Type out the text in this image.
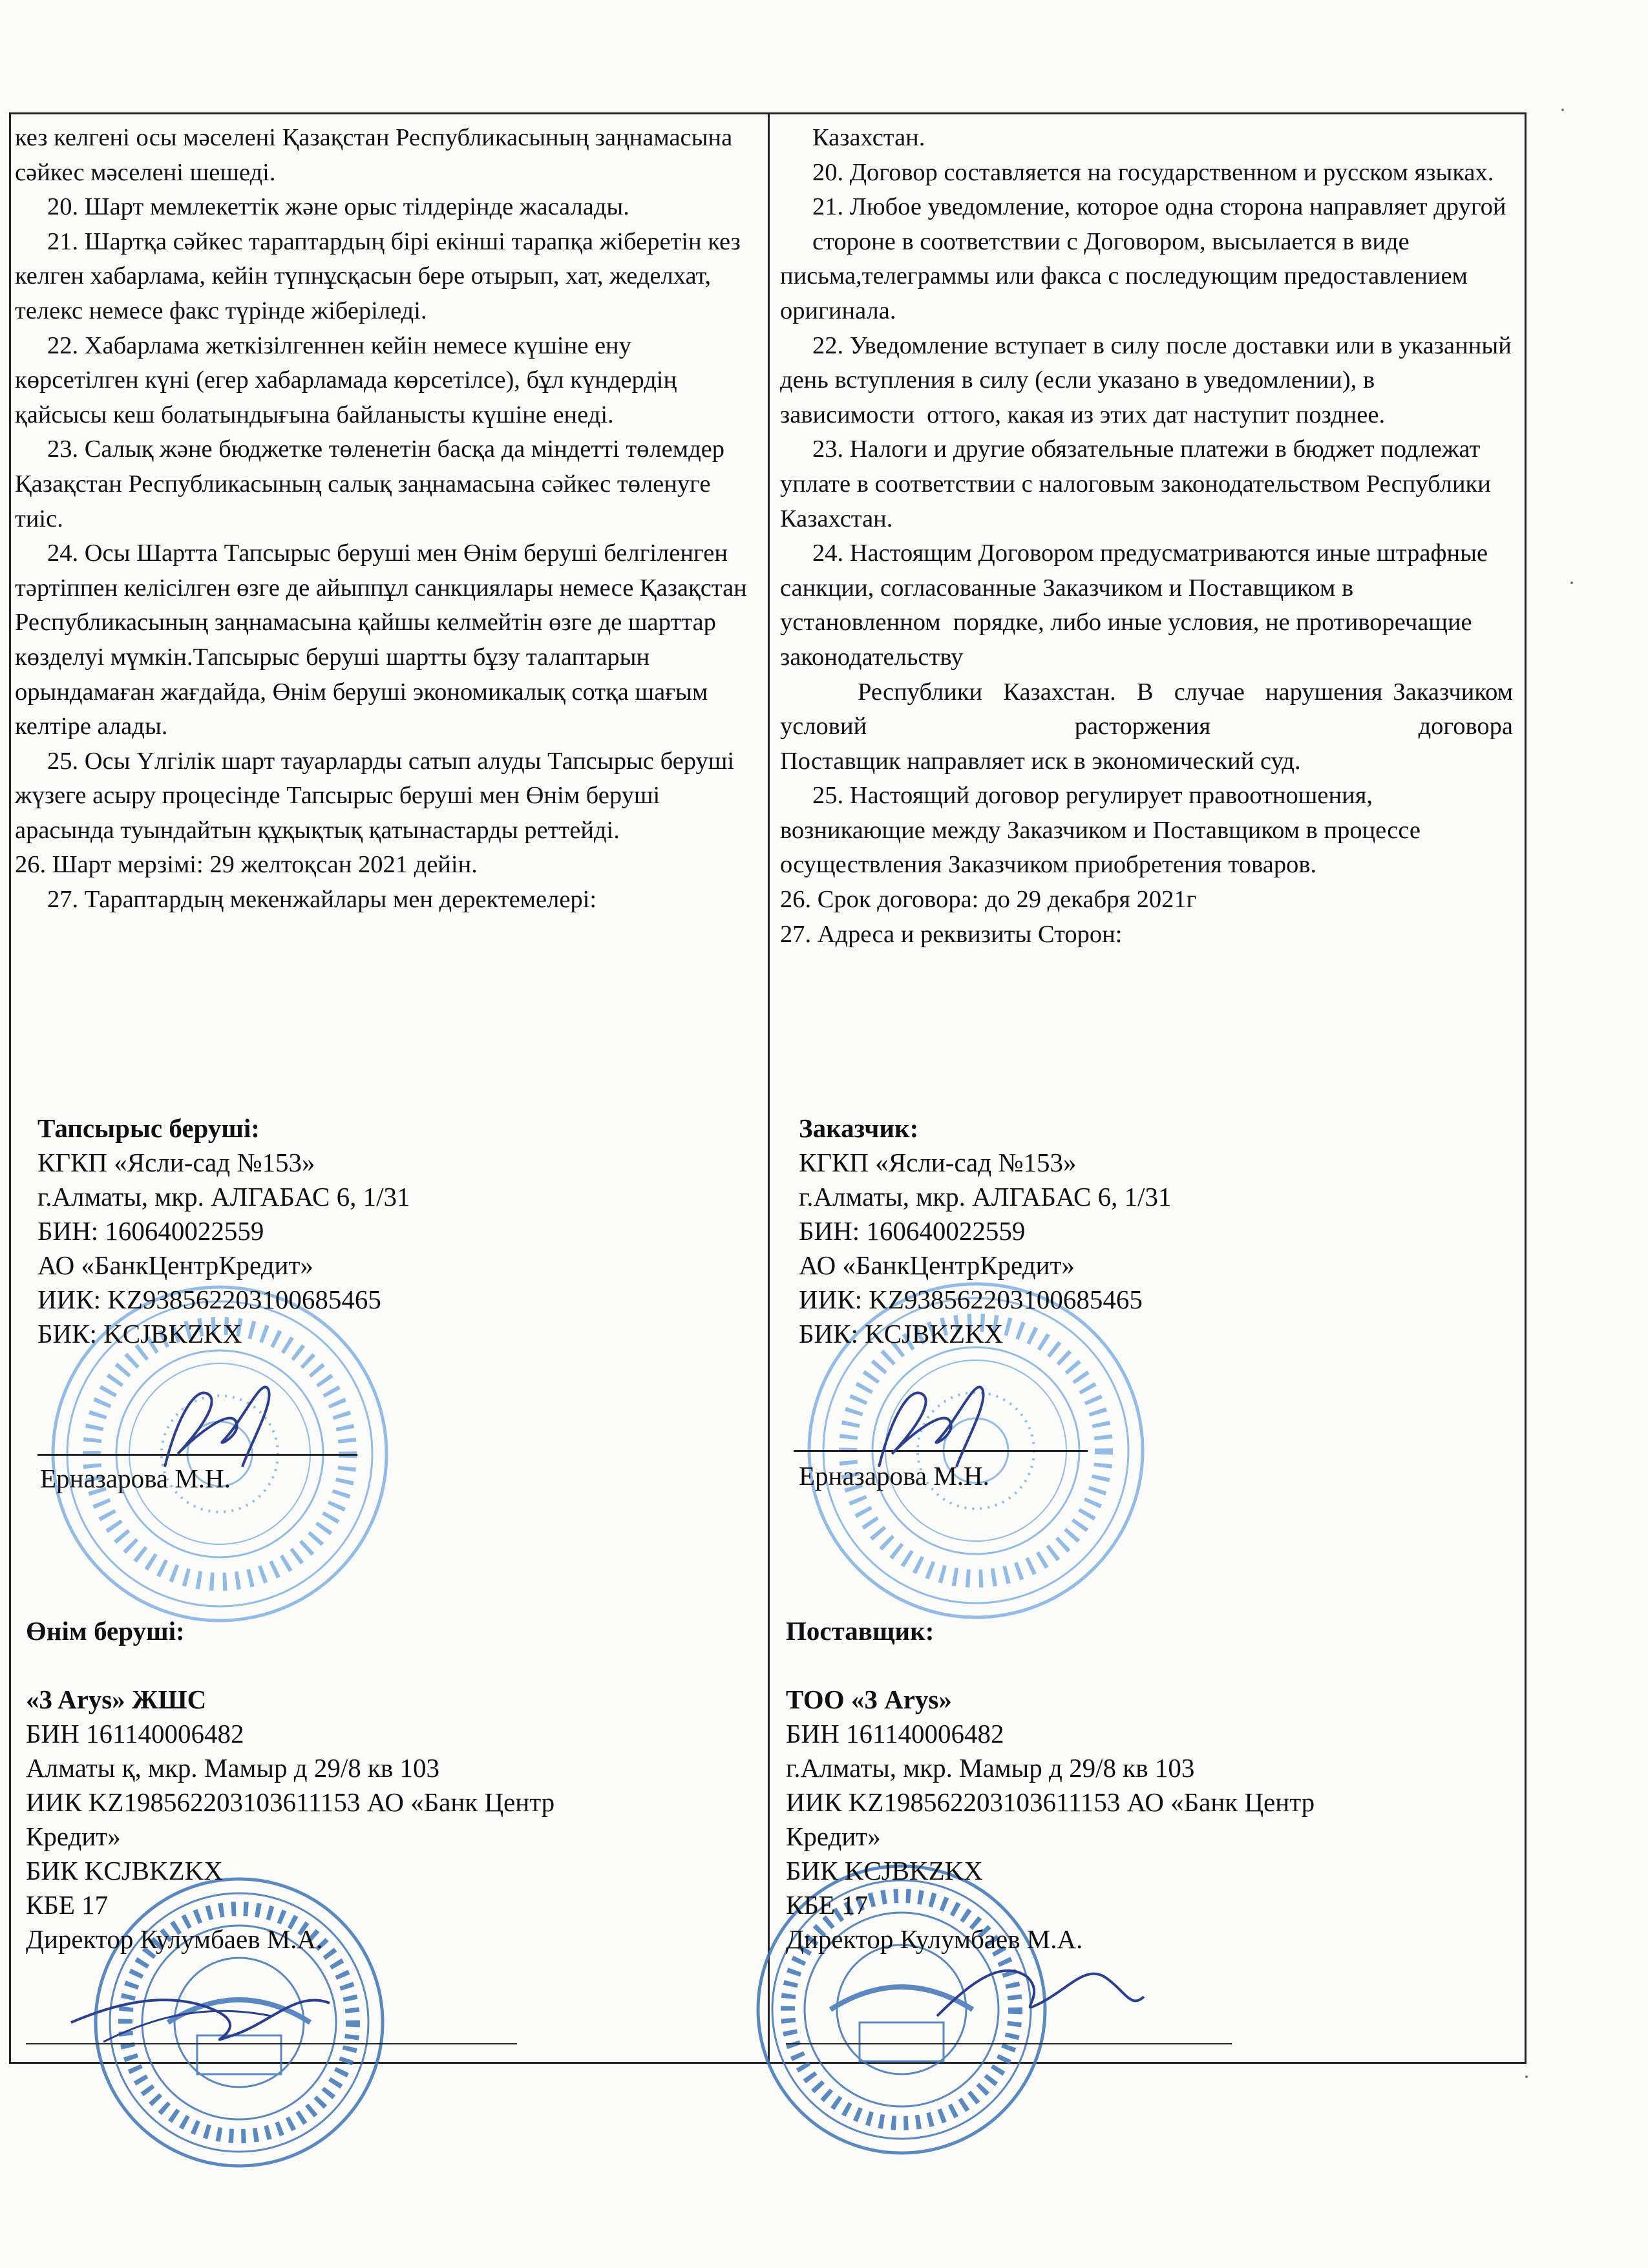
кез келгені осы мәселені Қазақстан Республикасының заңнамасына сәйкес мәселені шешеді.

20. Шарт мемлекеттік және орыс тілдерінде жасалады.

21. Шартқа сәйкес тараптардың бірі екінші тарапқа жіберетін кез келген хабарлама, кейін түпнұсқасын бере отырып, хат, жеделхат, телекс немесе факс түрінде жіберіледі.

22. Хабарлама жеткізілгеннен кейін немесе күшіне ену көрсетілген күні (егер хабарламада көрсетілсе), бұл күндердің қайсысы кеш болатындығына байланысты күшіне енеді.

23. Салық және бюджетке төленетін басқа да міндетті төлемдер Қазақстан Республикасының салық заңнамасына сәйкес төленуге тиіс.

24. Осы Шартта Тапсырыс беруші мен Өнім беруші белгіленген тәртіппен келісілген өзге де айыппұл санкциялары немесе Қазақстан Республикасының заңнамасына қайшы келмейтін өзге де шарттар көзделуі мүмкін.Тапсырыс беруші шартты бұзу талаптарын орындамаған жағдайда, Өнім беруші экономикалық сотқа шағым келтіре алады.

25. Осы Үлгілік шарт тауарларды сатып алуды Тапсырыс беруші жүзеге асыру процесінде Тапсырыс беруші мен Өнім беруші арасында туындайтын құқықтық қатынастарды реттейді.

26. Шарт мерзімі: 29 желтоқсан 2021 дейін.

27. Тараптардың мекенжайлары мен деректемелері:

Казахстан.

20. Договор составляется на государственном и русском языках.

21. Любое уведомление, которое одна сторона направляет другой

стороне в соответствии с Договором, высылается в виде письма,телеграммы или факса с последующим предоставлением оригинала.

22. Уведомление вступает в силу после доставки или в указанный  день вступления в силу (если указано в уведомлении), в зависимости  оттого, какая из этих дат наступит позднее.

23. Налоги и другие обязательные платежи в бюджет подлежат уплате в соответствии с налоговым законодательством Республики  Казахстан.

24. Настоящим Договором предусматриваются иные штрафные санкции, согласованные Заказчиком и Поставщиком в установленном  порядке, либо иные условия, не противоречащие законодательству

Республики  Казахстан.  В  случае  нарушения Заказчиком   условий   расторжения   договора

Поставщик направляет иск в экономический суд.

25. Настоящий договор регулирует правоотношения, возникающие между Заказчиком и Поставщиком в процессе осуществления Заказчиком приобретения товаров.

26. Срок договора: до 29 декабря 2021г

27. Адреса и реквизиты Сторон:

Тапсырыс беруші:
КГКП «Ясли-сад №153»
г.Алматы, мкр. АЛГАБАС 6, 1/31
БИН: 160640022559
АО «БанкЦентрКредит»
ИИК: KZ938562203100685465
БИК: KCJBKZKX
Ерназарова М.Н.
Өнім беруші:

«3 Arys» ЖШС
БИН 161140006482
Алматы қ, мкр. Мамыр д 29/8 кв 103
ИИК KZ198562203103611153 АО «Банк Центр
Кредит»
БИК KCJBKZKX
КБЕ 17
Директор Кулумбаев М.А.
Заказчик:
КГКП «Ясли-сад №153»
г.Алматы, мкр. АЛГАБАС 6, 1/31
БИН: 160640022559
АО «БанкЦентрКредит»
ИИК: KZ938562203100685465
БИК: KCJBKZKX
Ерназарова М.Н.
Поставщик:

ТОО «3 Arys»
БИН 161140006482
г.Алматы, мкр. Мамыр д 29/8 кв 103
ИИК KZ198562203103611153 АО «Банк Центр
Кредит»
БИК KCJBKZKX
КБЕ 17
Директор Кулумбаев М.А.
